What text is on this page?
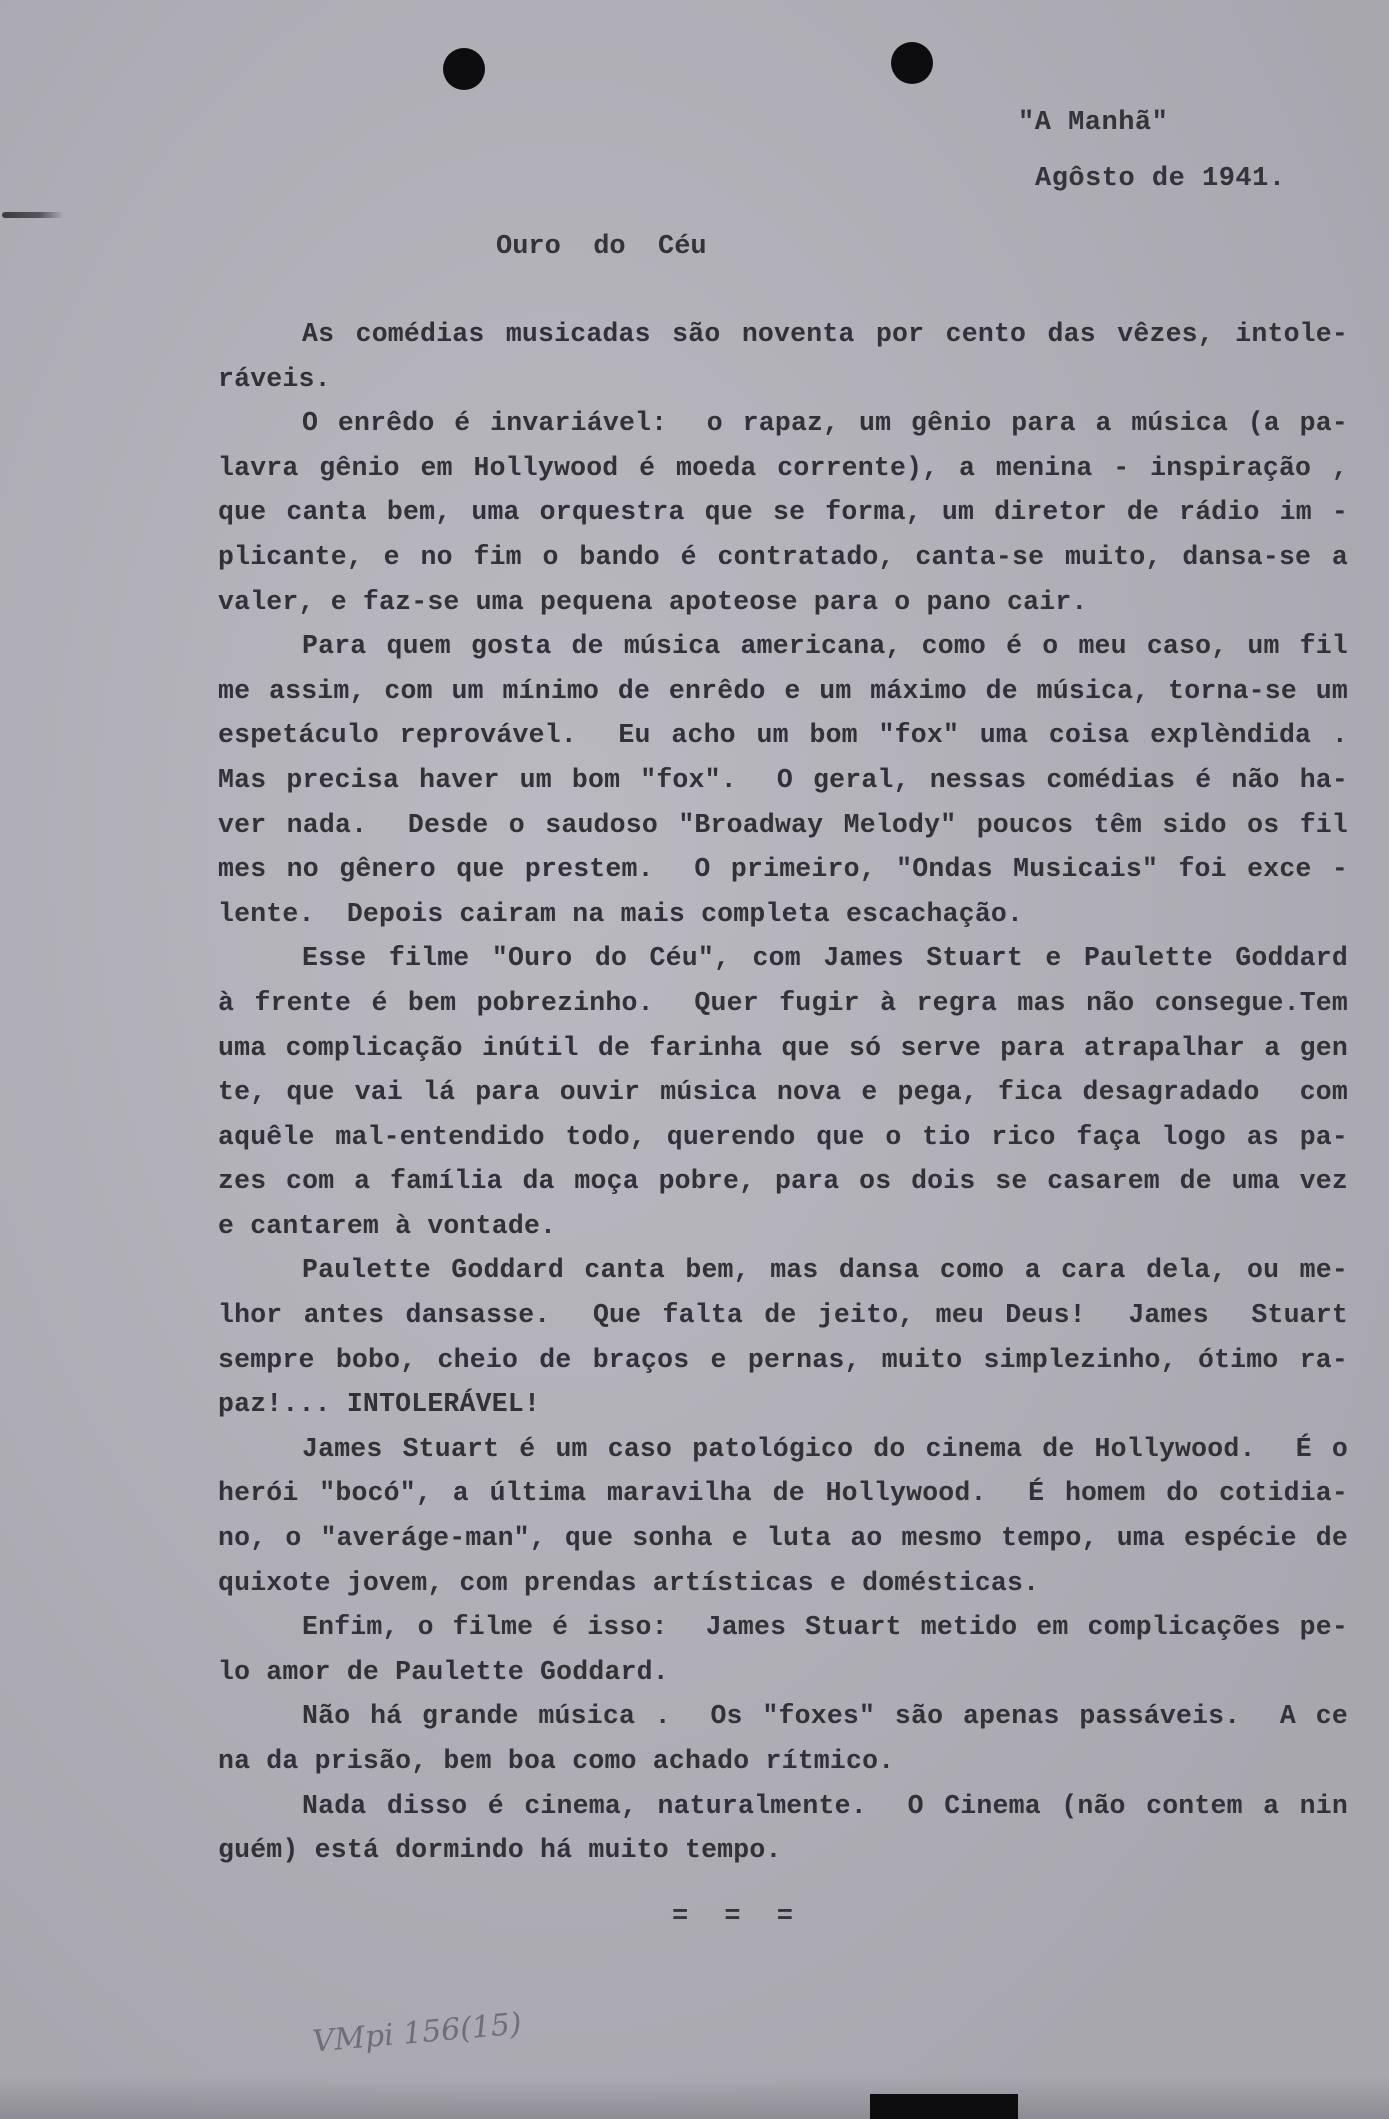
"A Manhã"
Agôsto de 1941.
Ouro  do  Céu
As comédias musicadas são noventa por cento das vêzes, intole-
ráveis.
O enrêdo é invariável:  o rapaz, um gênio para a música (a pa-
lavra gênio em Hollywood é moeda corrente), a menina - inspiração ,
que canta bem, uma orquestra que se forma, um diretor de rádio im -
plicante, e no fim o bando é contratado, canta-se muito, dansa-se a
valer, e faz-se uma pequena apoteose para o pano cair.
Para quem gosta de música americana, como é o meu caso, um fil
me assim, com um mínimo de enrêdo e um máximo de música, torna-se um
espetáculo reprovável.  Eu acho um bom "fox" uma coisa explèndida .
Mas precisa haver um bom "fox".  O geral, nessas comédias é não ha-
ver nada.  Desde o saudoso "Broadway Melody" poucos têm sido os fil
mes no gênero que prestem.  O primeiro, "Ondas Musicais" foi exce -
lente.  Depois cairam na mais completa escachação.
Esse filme "Ouro do Céu", com James Stuart e Paulette Goddard
à frente é bem pobrezinho.  Quer fugir à regra mas não consegue.Tem
uma complicação inútil de farinha que só serve para atrapalhar a gen
te, que vai lá para ouvir música nova e pega, fica desagradado  com
aquêle mal-entendido todo, querendo que o tio rico faça logo as pa-
zes com a família da moça pobre, para os dois se casarem de uma vez
e cantarem à vontade.
Paulette Goddard canta bem, mas dansa como a cara dela, ou me-
lhor antes dansasse.  Que falta de jeito, meu Deus!  James  Stuart
sempre bobo, cheio de braços e pernas, muito simplezinho, ótimo ra-
paz!... INTOLERÁVEL!
James Stuart é um caso patológico do cinema de Hollywood.  É o
herói "bocó", a última maravilha de Hollywood.  É homem do cotidia-
no, o "averáge-man", que sonha e luta ao mesmo tempo, uma espécie de
quixote jovem, com prendas artísticas e domésticas.
Enfim, o filme é isso:  James Stuart metido em complicações pe-
lo amor de Paulette Goddard.
Não há grande música .  Os "foxes" são apenas passáveis.  A ce
na da prisão, bem boa como achado rítmico.
Nada disso é cinema, naturalmente.  O Cinema (não contem a nin
guém) está dormindo há muito tempo.
= = =
VMpi 156(15)
